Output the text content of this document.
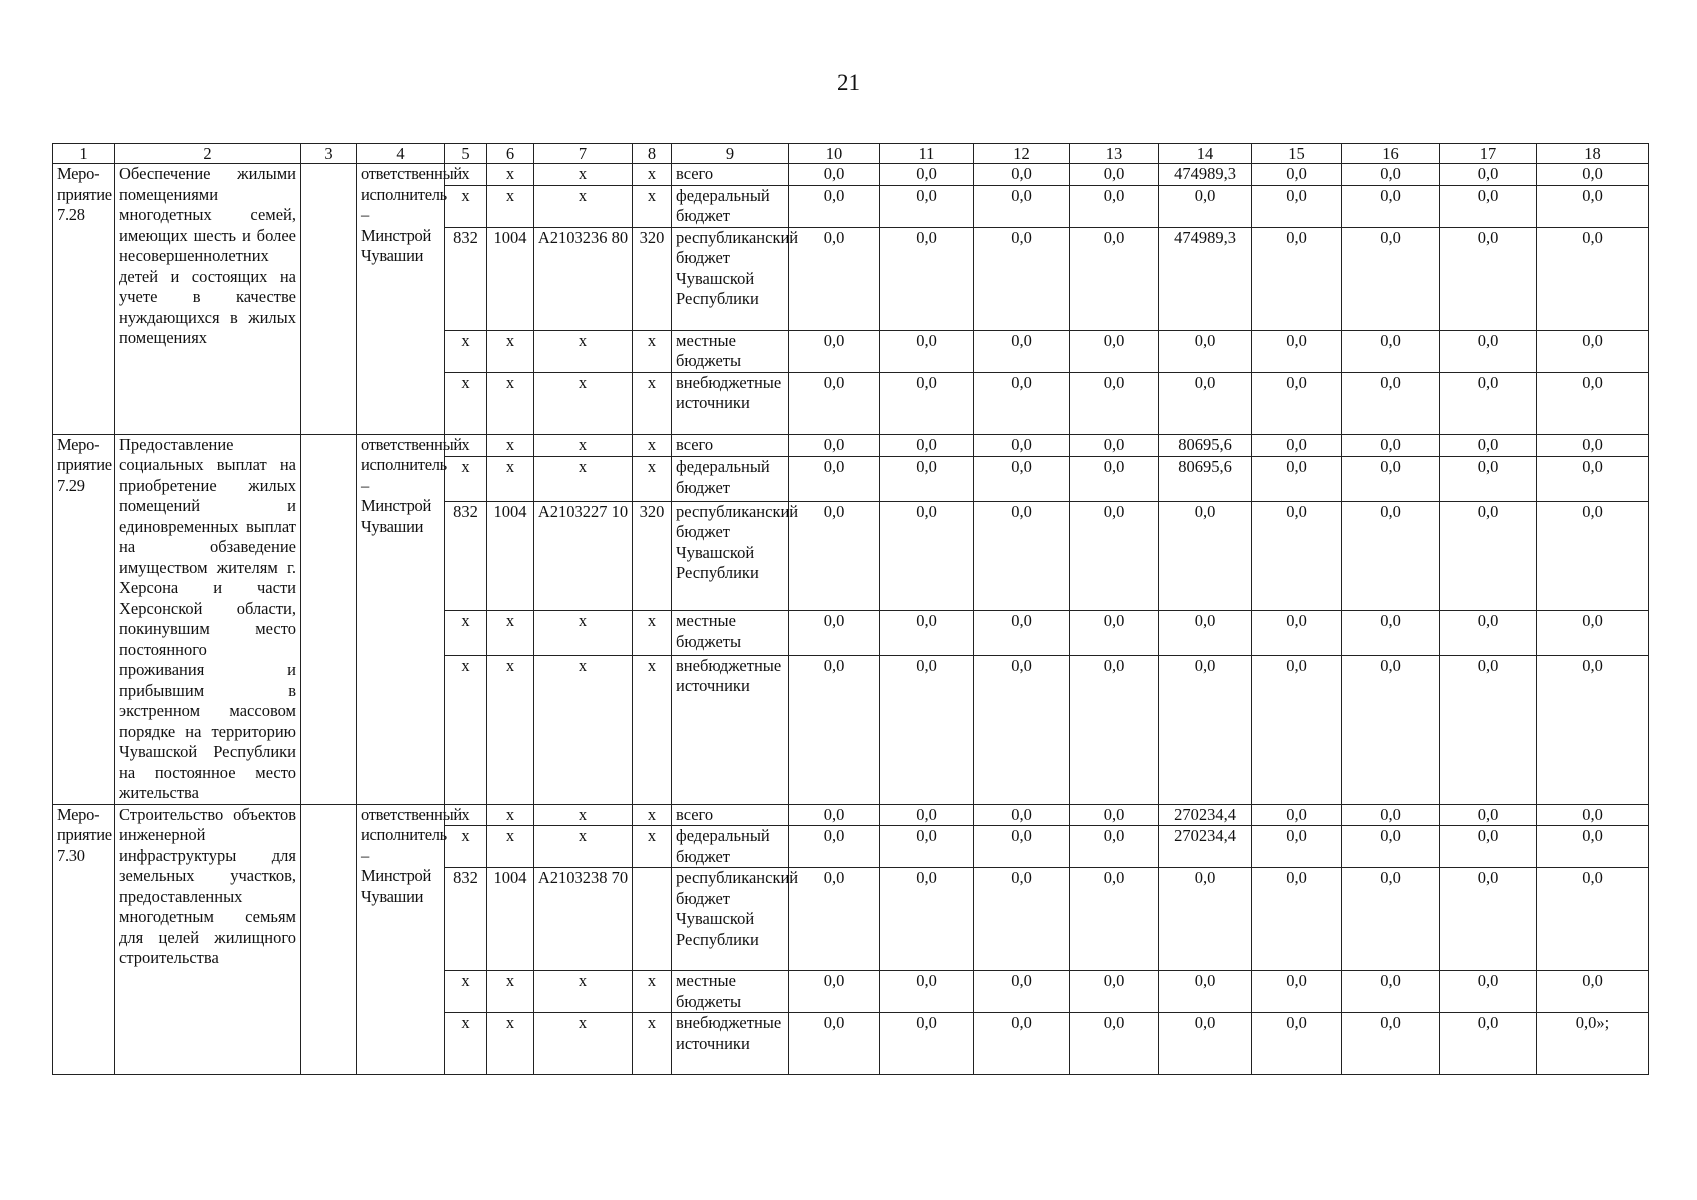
21
1	2	3	4	5	6	7	8	9	10	11	12	13	14	15	16	17	18
Меро-приятие 7.28	Обеспечение жилыми помещениями многодетных семей, имеющих шесть и более несовершеннолетних детей и состоящих на учете в качестве нуждающихся в жилых помещениях		ответственный исполнитель – Минстрой Чувашии	x	x	x	x	всего	0,0	0,0	0,0	0,0	474989,3	0,0	0,0	0,0	0,0
				x	x	x	x	федеральный бюджет	0,0	0,0	0,0	0,0	0,0	0,0	0,0	0,0	0,0
				832	1004	А2103236 80	320	республиканский бюджет Чувашской Республики	0,0	0,0	0,0	0,0	474989,3	0,0	0,0	0,0	0,0
				x	x	x	x	местные бюджеты	0,0	0,0	0,0	0,0	0,0	0,0	0,0	0,0	0,0
				x	x	x	x	внебюджетные источники	0,0	0,0	0,0	0,0	0,0	0,0	0,0	0,0	0,0
Меро-приятие 7.29	Предоставление социальных выплат на приобретение жилых помещений и единовременных выплат на обзаведение имуществом жителям г. Херсона и части Херсонской области, покинувшим место постоянного проживания и прибывшим в экстренном массовом порядке на территорию Чувашской Республики на постоянное место жительства		ответственный исполнитель – Минстрой Чувашии	x	x	x	x	всего	0,0	0,0	0,0	0,0	80695,6	0,0	0,0	0,0	0,0
				x	x	x	x	федеральный бюджет	0,0	0,0	0,0	0,0	80695,6	0,0	0,0	0,0	0,0
				832	1004	А2103227 10	320	республиканский бюджет Чувашской Республики	0,0	0,0	0,0	0,0	0,0	0,0	0,0	0,0	0,0
				x	x	x	x	местные бюджеты	0,0	0,0	0,0	0,0	0,0	0,0	0,0	0,0	0,0
				x	x	x	x	внебюджетные источники	0,0	0,0	0,0	0,0	0,0	0,0	0,0	0,0	0,0
Меро-приятие 7.30	Строительство объектов инженерной инфраструктуры для земельных участков, предоставленных многодетным семьям для целей жилищного строительства		ответственный исполнитель – Минстрой Чувашии	x	x	x	x	всего	0,0	0,0	0,0	0,0	270234,4	0,0	0,0	0,0	0,0
				x	x	x	x	федеральный бюджет	0,0	0,0	0,0	0,0	270234,4	0,0	0,0	0,0	0,0
				832	1004	А2103238 70		республиканский бюджет Чувашской Республики	0,0	0,0	0,0	0,0	0,0	0,0	0,0	0,0	0,0
				x	x	x	x	местные бюджеты	0,0	0,0	0,0	0,0	0,0	0,0	0,0	0,0	0,0
				x	x	x	x	внебюджетные источники	0,0	0,0	0,0	0,0	0,0	0,0	0,0	0,0	0,0»;
